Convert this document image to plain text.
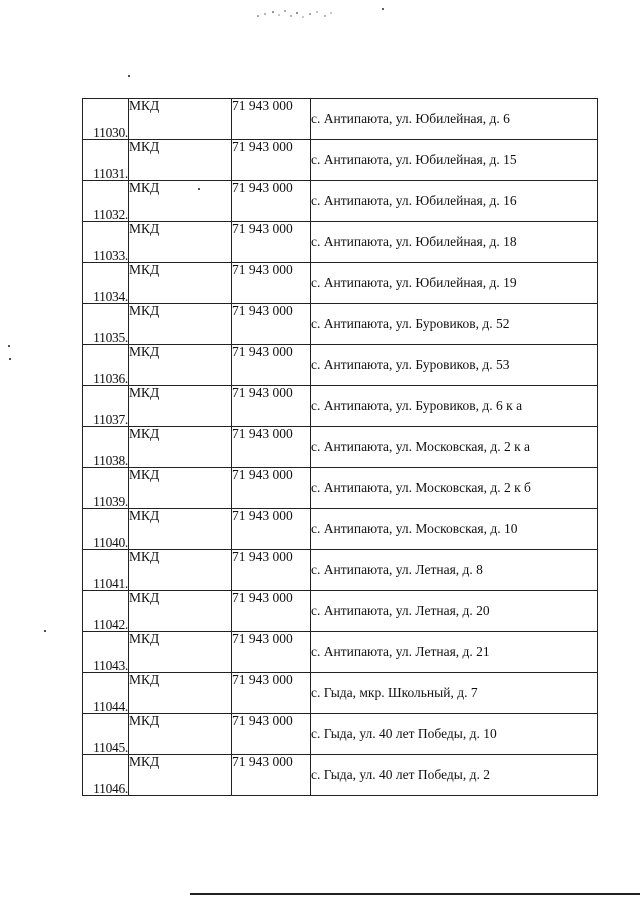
11030.	МКД	71 943 000	с. Антипаюта, ул. Юбилейная, д. 6
11031.	МКД	71 943 000	с. Антипаюта, ул. Юбилейная, д. 15
11032.	МКД	71 943 000	с. Антипаюта, ул. Юбилейная, д. 16
11033.	МКД	71 943 000	с. Антипаюта, ул. Юбилейная, д. 18
11034.	МКД	71 943 000	с. Антипаюта, ул. Юбилейная, д. 19
11035.	МКД	71 943 000	с. Антипаюта, ул. Буровиков, д. 52
11036.	МКД	71 943 000	с. Антипаюта, ул. Буровиков, д. 53
11037.	МКД	71 943 000	с. Антипаюта, ул. Буровиков, д. 6 к а
11038.	МКД	71 943 000	с. Антипаюта, ул. Московская, д. 2 к а
11039.	МКД	71 943 000	с. Антипаюта, ул. Московская, д. 2 к б
11040.	МКД	71 943 000	с. Антипаюта, ул. Московская, д. 10
11041.	МКД	71 943 000	с. Антипаюта, ул. Летная, д. 8
11042.	МКД	71 943 000	с. Антипаюта, ул. Летная, д. 20
11043.	МКД	71 943 000	с. Антипаюта, ул. Летная, д. 21
11044.	МКД	71 943 000	с. Гыда, мкр. Школьный, д. 7
11045.	МКД	71 943 000	с. Гыда, ул. 40 лет Победы, д. 10
11046.	МКД	71 943 000	с. Гыда, ул. 40 лет Победы, д. 2
